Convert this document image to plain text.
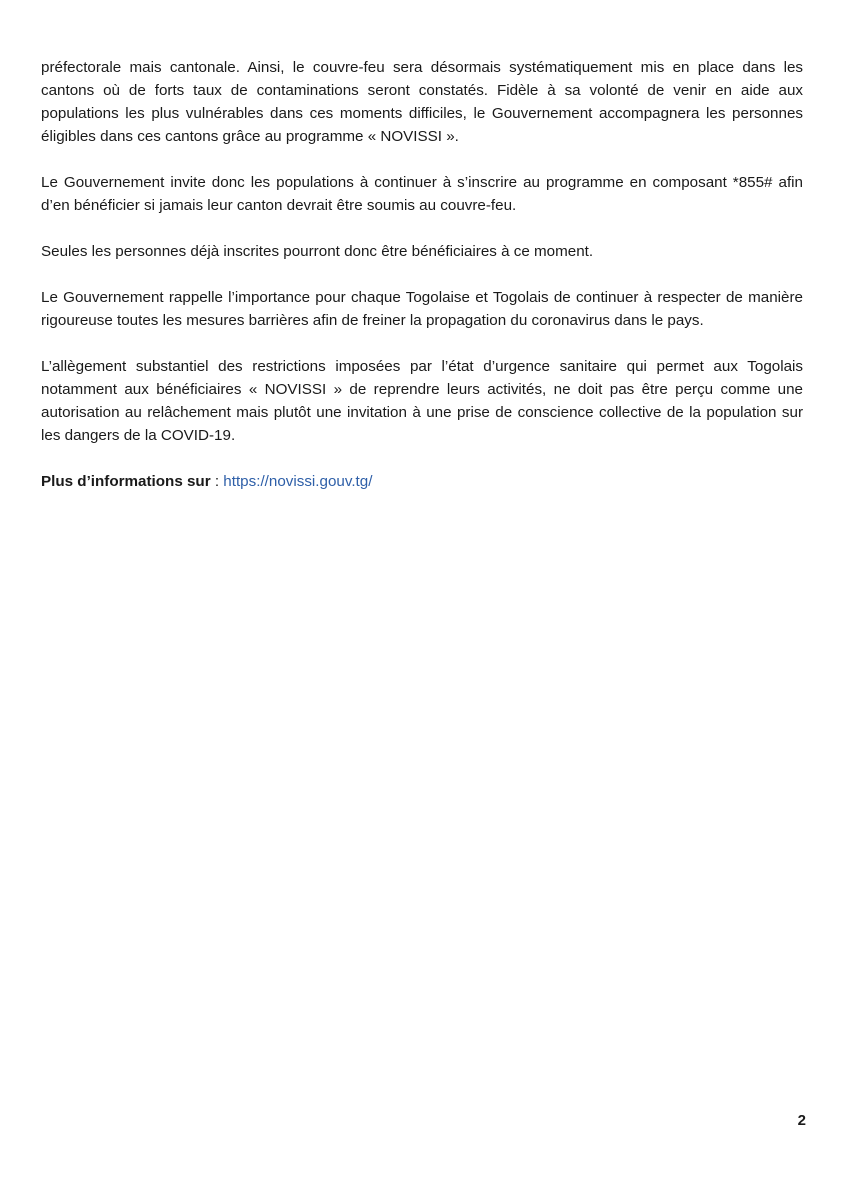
préfectorale mais cantonale. Ainsi, le couvre-feu sera désormais systématiquement mis en place dans les cantons où de forts taux de contaminations seront constatés. Fidèle à sa volonté de venir en aide aux populations les plus vulnérables dans ces moments difficiles, le Gouvernement accompagnera les personnes éligibles dans ces cantons grâce au programme « NOVISSI ».

Le Gouvernement invite donc les populations à continuer à s’inscrire au programme en composant *855# afin d’en bénéficier si jamais leur canton devrait être soumis au couvre-feu.

Seules les personnes déjà inscrites pourront donc être bénéficiaires à ce moment.

Le Gouvernement rappelle l’importance pour chaque Togolaise et Togolais de continuer à respecter de manière rigoureuse toutes les mesures barrières afin de freiner la propagation du coronavirus dans le pays.

L’allègement substantiel des restrictions imposées par l’état d’urgence sanitaire qui permet aux Togolais notamment aux bénéficiaires « NOVISSI » de reprendre leurs activités, ne doit pas être perçu comme une autorisation au relâchement mais plutôt une invitation à une prise de conscience collective de la population sur les dangers de la COVID-19.

Plus d’informations sur : https://novissi.gouv.tg/

2
